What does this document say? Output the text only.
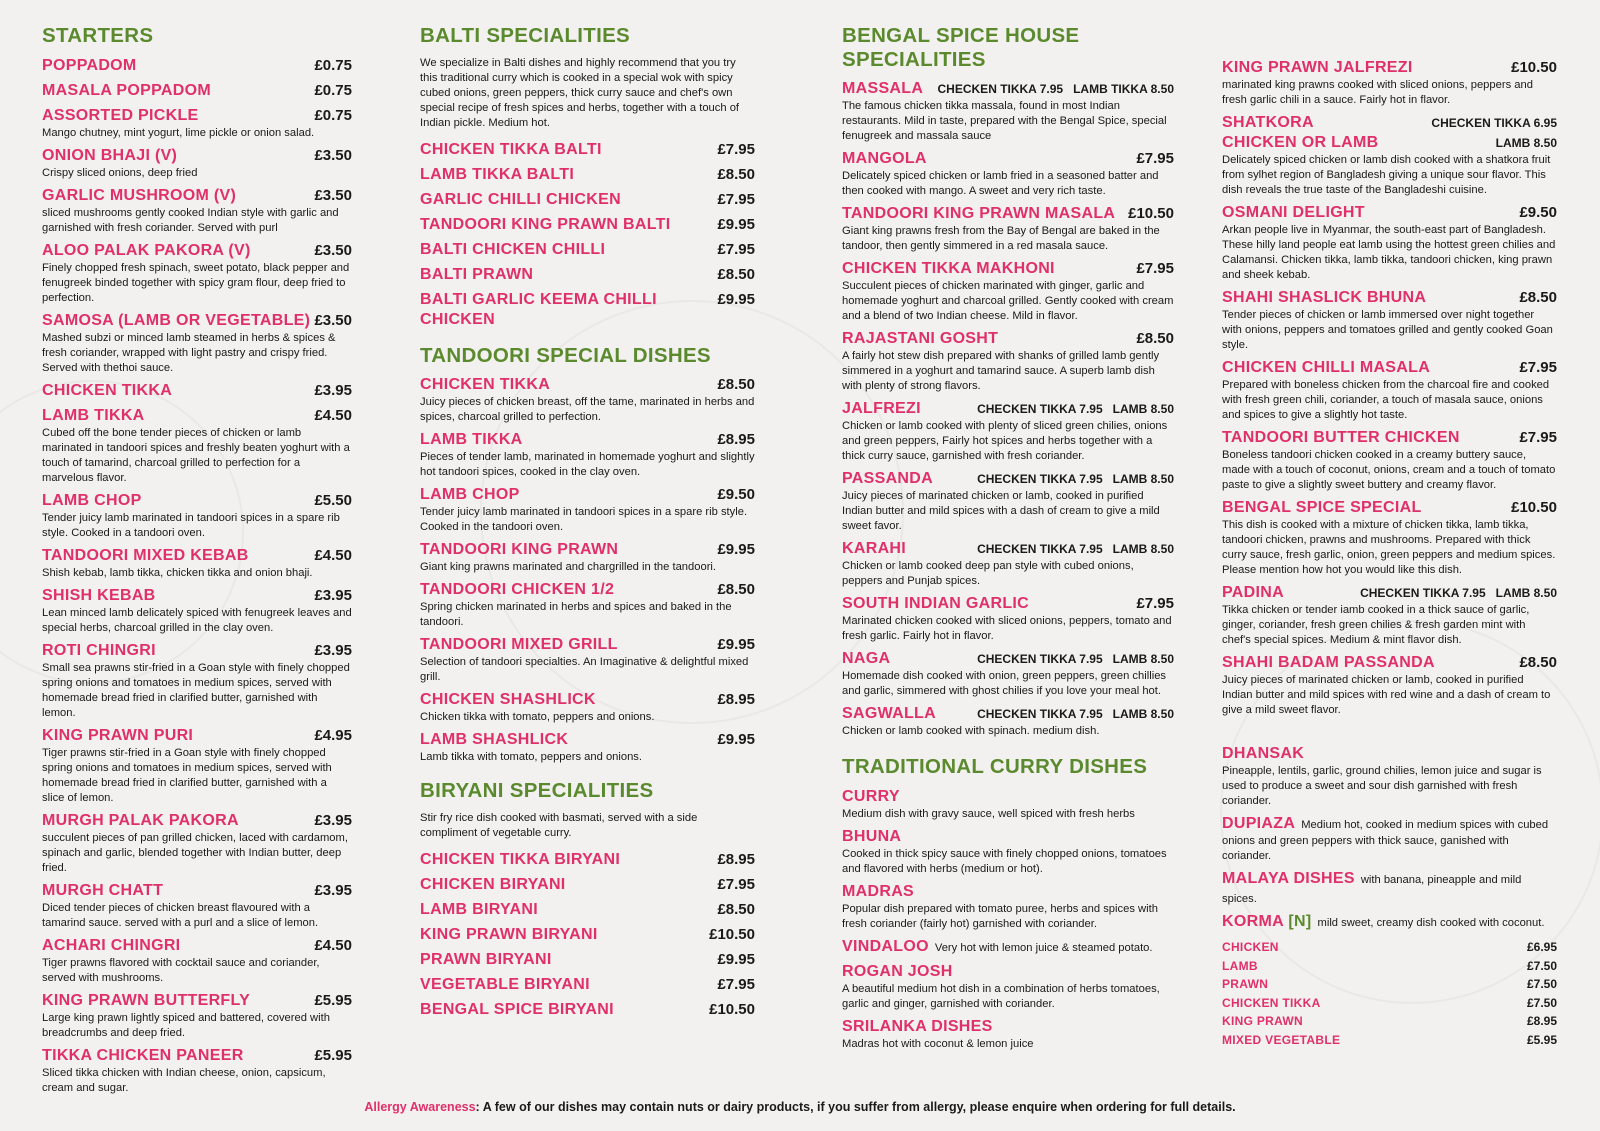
STARTERS
POPPADOM	£0.75
MASALA POPPADOM	£0.75
ASSORTED PICKLE	£0.75
Mango chutney, mint yogurt, lime pickle or onion salad.
ONION BHAJI (V)	£3.50
Crispy sliced onions, deep fried
GARLIC MUSHROOM (V)	£3.50
sliced mushrooms gently cooked Indian style with garlic and garnished with fresh coriander. Served with purl
ALOO PALAK PAKORA (V)	£3.50
Finely chopped fresh spinach, sweet potato, black pepper and fenugreek binded together with spicy gram flour, deep fried to perfection.
SAMOSA (LAMB OR VEGETABLE) £3.50
Mashed subzi or minced lamb steamed in herbs & spices & fresh coriander, wrapped with light pastry and crispy fried. Served with thethoi sauce.
CHICKEN TIKKA	£3.95
LAMB TIKKA	£4.50
Cubed off the bone tender pieces of chicken or lamb marinated in tandoori spices and freshly beaten yoghurt with a touch of tamarind, charcoal grilled to perfection for a marvelous flavor.
LAMB CHOP	£5.50
Tender juicy lamb marinated in tandoori spices in a spare rib style. Cooked in a tandoori oven.
TANDOORI MIXED KEBAB	£4.50
Shish kebab, lamb tikka, chicken tikka and onion bhaji.
SHISH KEBAB	£3.95
Lean minced lamb delicately spiced with fenugreek leaves and special herbs, charcoal grilled in the clay oven.
ROTI CHINGRI	£3.95
Small sea prawns stir-fried in a Goan style with finely chopped spring onions and tomatoes in medium spices, served with homemade bread fried in clarified butter, garnished with lemon.
KING PRAWN PURI	£4.95
Tiger prawns stir-fried in a Goan style with finely chopped spring onions and tomatoes in medium spices, served with homemade bread fried in clarified butter, garnished with a slice of lemon.
MURGH PALAK PAKORA	£3.95
succulent pieces of pan grilled chicken, laced with cardamom, spinach and garlic, blended together with Indian butter, deep fried.
MURGH CHATT	£3.95
Diced tender pieces of chicken breast flavoured with a tamarind sauce. served with a purl and a slice of lemon.
ACHARI CHINGRI	£4.50
Tiger prawns flavored with cocktail sauce and coriander, served with mushrooms.
KING PRAWN BUTTERFLY	£5.95
Large king prawn lightly spiced and battered, covered with breadcrumbs and deep fried.
TIKKA CHICKEN PANEER	£5.95
Sliced tikka chicken with Indian cheese, onion, capsicum, cream and sugar.
BALTI SPECIALITIES
We specialize in Balti dishes and highly recommend that you try this traditional curry which is cooked in a special wok with spicy cubed onions, green peppers, thick curry sauce and chef's own special recipe of fresh spices and herbs, together with a touch of Indian pickle. Medium hot.
CHICKEN TIKKA BALTI	£7.95
LAMB TIKKA BALTI	£8.50
GARLIC CHILLI CHICKEN	£7.95
TANDOORI KING PRAWN BALTI	£9.95
BALTI CHICKEN CHILLI	£7.95
BALTI PRAWN	£8.50
BALTI GARLIC KEEMA CHILLI CHICKEN
£9.95
TANDOORI SPECIAL DISHES
CHICKEN TIKKA	£8.50
Juicy pieces of chicken breast, off the tame, marinated in herbs and spices, charcoal grilled to perfection.
LAMB TIKKA	£8.95
Pieces of tender lamb, marinated in homemade yoghurt and slightly hot tandoori spices, cooked in the clay oven.
LAMB CHOP	£9.50
Tender juicy lamb marinated in tandoori spices in a spare rib style. Cooked in the tandoori oven.
TANDOORI KING PRAWN	£9.95
Giant king prawns marinated and chargrilled in the tandoori.
TANDOORI CHICKEN 1/2	£8.50
Spring chicken marinated in herbs and spices and baked in the tandoori.
TANDOORI MIXED GRILL	£9.95
Selection of tandoori specialties. An Imaginative & delightful mixed grill.
CHICKEN SHASHLICK	£8.95
Chicken tikka with tomato, peppers and onions.
LAMB SHASHLICK	£9.95
Lamb tikka with tomato, peppers and onions.
BIRYANI SPECIALITIES
Stir fry rice dish cooked with basmati, served with a side compliment of vegetable curry.
CHICKEN TIKKA BIRYANI	£8.95
CHICKEN BIRYANI	£7.95
LAMB BIRYANI	£8.50
KING PRAWN BIRYANI	£10.50
PRAWN BIRYANI	£9.95
VEGETABLE BIRYANI	£7.95
BENGAL SPICE BIRYANI	£10.50
BENGAL SPICE HOUSE SPECIALITIES
MASSALA CHECKEN TIKKA 7.95 LAMB TIKKA 8.50
The famous chicken tikka massala, found in most Indian restaurants. Mild in taste, prepared with the Bengal Spice, special fenugreek and massala sauce
MANGOLA	£7.95
Delicately spiced chicken or lamb fried in a seasoned batter and then cooked with mango. A sweet and very rich taste.
TANDOORI KING PRAWN MASALA £10.50
Giant king prawns fresh from the Bay of Bengal are baked in the tandoor, then gently simmered in a red masala sauce.
CHICKEN TIKKA MAKHONI	£7.95
Succulent pieces of chicken marinated with ginger, garlic and homemade yoghurt and charcoal grilled. Gently cooked with cream and a blend of two Indian cheese. Mild in flavor.
RAJASTANI GOSHT	£8.50
A fairly hot stew dish prepared with shanks of grilled lamb gently simmered in a yoghurt and tamarind sauce. A superb lamb dish with plenty of strong flavors.
JALFREZI	CHECKEN TIKKA 7.95 LAMB 8.50
Chicken or lamb cooked with plenty of sliced green chilies, onions and green peppers, Fairly hot spices and herbs together with a thick curry sauce, garnished with fresh coriander.
PASSANDA	CHECKEN TIKKA 7.95 LAMB 8.50
Juicy pieces of marinated chicken or lamb, cooked in purified Indian butter and mild spices with a dash of cream to give a mild sweet favor.
KARAHI	CHECKEN TIKKA 7.95 LAMB 8.50
Chicken or lamb cooked deep pan style with cubed onions, peppers and Punjab spices.
SOUTH INDIAN GARLIC	£7.95
Marinated chicken cooked with sliced onions, peppers, tomato and fresh garlic. Fairly hot in flavor.
NAGA	CHECKEN TIKKA 7.95 LAMB 8.50
Homemade dish cooked with onion, green peppers, green chillies and garlic, simmered with ghost chilies if you love your meal hot.
SAGWALLA	CHECKEN TIKKA 7.95 LAMB 8.50
Chicken or lamb cooked with spinach. medium dish.
TRADITIONAL CURRY DISHES
CURRY
Medium dish with gravy sauce, well spiced with fresh herbs
BHUNA
Cooked in thick spicy sauce with finely chopped onions, tomatoes and flavored with herbs (medium or hot).
MADRAS
Popular dish prepared with tomato puree, herbs and spices with fresh coriander (fairly hot) garnished with coriander.
VINDALOO Very hot with lemon juice & steamed potato.
ROGAN JOSH
A beautiful medium hot dish in a combination of herbs tomatoes, garlic and ginger, garnished with coriander.
SRILANKA DISHES
Madras hot with coconut & lemon juice
KING PRAWN JALFREZI	£10.50
marinated king prawns cooked with sliced onions, peppers and fresh garlic chili in a sauce. Fairly hot in flavor.
SHATKORA	CHECKEN TIKKA 6.95
CHICKEN OR LAMB	LAMB 8.50
Delicately spiced chicken or lamb dish cooked with a shatkora fruit from sylhet region of Bangladesh giving a unique sour flavor. This dish reveals the true taste of the Bangladeshi cuisine.
OSMANI DELIGHT	£9.50
Arkan people live in Myanmar, the south-east part of Bangladesh. These hilly land people eat lamb using the hottest green chilies and Calamansi. Chicken tikka, lamb tikka, tandoori chicken, king prawn and sheek kebab.
SHAHI SHASLICK BHUNA	£8.50
Tender pieces of chicken or lamb immersed over night together with onions, peppers and tomatoes grilled and gently cooked Goan style.
CHICKEN CHILLI MASALA	£7.95
Prepared with boneless chicken from the charcoal fire and cooked with fresh green chili, coriander, a touch of masala sauce, onions and spices to give a slightly hot taste.
TANDOORI BUTTER CHICKEN	£7.95
Boneless tandoori chicken cooked in a creamy buttery sauce, made with a touch of coconut, onions, cream and a touch of tomato paste to give a slightly sweet buttery and creamy flavor.
BENGAL SPICE SPECIAL	£10.50
This dish is cooked with a mixture of chicken tikka, lamb tikka, tandoori chicken, prawns and mushrooms. Prepared with thick curry sauce, fresh garlic, onion, green peppers and medium spices. Please mention how hot you would like this dish.
PADINA	CHECKEN TIKKA 7.95 LAMB 8.50
Tikka chicken or tender iamb cooked in a thick sauce of garlic, ginger, coriander, fresh green chilies & fresh garden mint with chef's special spices. Medium & mint flavor dish.
SHAHI BADAM PASSANDA	£8.50
Juicy pieces of marinated chicken or lamb, cooked in purified Indian butter and mild spices with red wine and a dash of cream to give a mild sweet flavor.
DHANSAK
Pineapple, lentils, garlic, ground chilies, lemon juice and sugar is used to produce a sweet and sour dish garnished with fresh coriander.
DUPIAZA Medium hot, cooked in medium spices with cubed onions and green peppers with thick sauce, ganished with coriander.
MALAYA DISHES with banana, pineapple and mild spices.
KORMA [N] mild sweet, creamy dish cooked with coconut.
CHICKEN	£6.95
LAMB	£7.50
PRAWN	£7.50
CHICKEN TIKKA	£7.50
KING PRAWN	£8.95
MIXED VEGETABLE	£5.95
Allergy Awareness: A few of our dishes may contain nuts or dairy products, if you suffer from allergy, please enquire when ordering for full details.
